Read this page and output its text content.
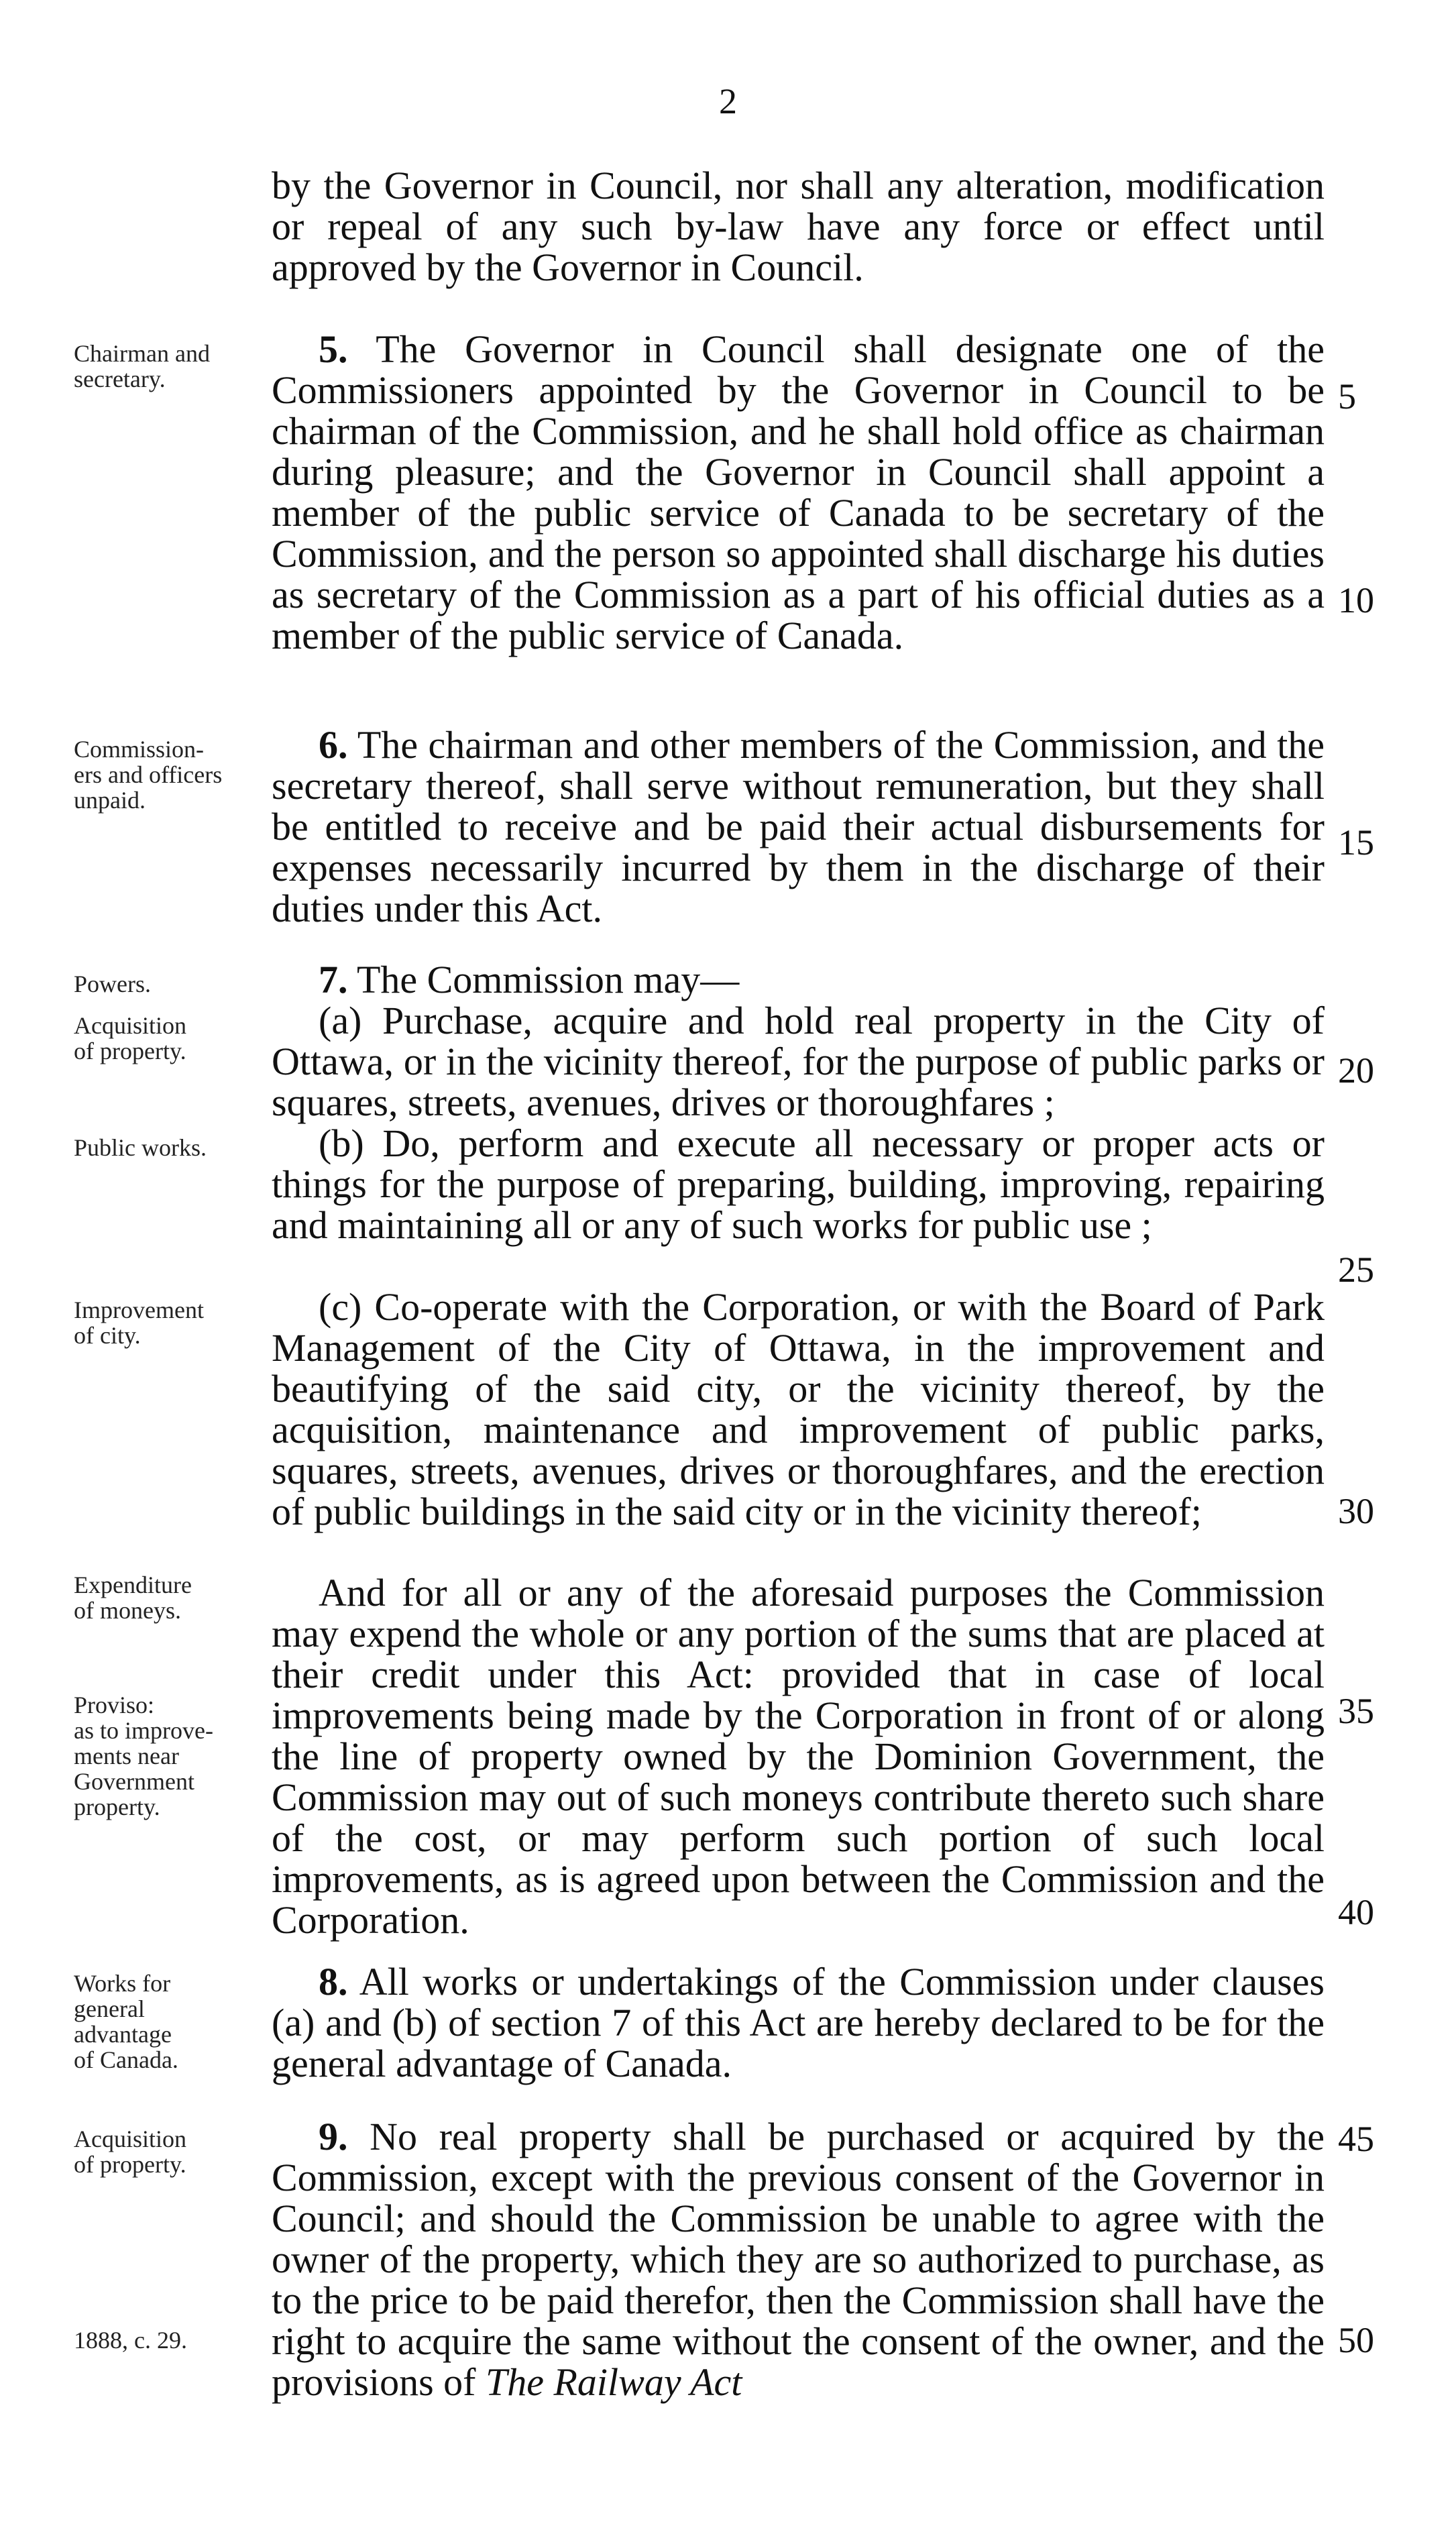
2
by the Governor in Council, nor shall any alteration, modification or repeal of any such by-law have any force or effect until approved by the Governor in Council.
Chairman and
secretary.
5. The Governor in Council shall designate one of the Commissioners appointed by the Governor in Council to be chairman of the Commission, and he shall hold office as chairman during pleasure; and the Governor in Council shall appoint a member of the public service of Canada to be secretary of the Commission, and the person so appointed shall discharge his duties as secretary of the Commission as a part of his official duties as a member of the public service of Canada.
Commission-
ers and officers
unpaid.
6. The chairman and other members of the Commission, and the secretary thereof, shall serve without remuneration, but they shall be entitled to receive and be paid their actual disbursements for expenses necessarily incurred by them in the discharge of their duties under this Act.
Powers.	7. The Commission may—
Acquisition
of property.
(a) Purchase, acquire and hold real property in the City of Ottawa, or in the vicinity thereof, for the purpose of public parks or squares, streets, avenues, drives or thoroughfares ;
Public works.	(b) Do, perform and execute all necessary or proper acts or things for the purpose of preparing, building, improving, repairing and maintaining all or any of such works for public use ;
Improvement
of city.
(c) Co-operate with the Corporation, or with the Board of Park Management of the City of Ottawa, in the improvement and beautifying of the said city, or the vicinity thereof, by the acquisition, maintenance and improvement of public parks, squares, streets, avenues, drives or thoroughfares, and the erection of public buildings in the said city or in the vicinity thereof;
Expenditure
of moneys.
Proviso:
as to improve-
ments near
Government
property.
And for all or any of the aforesaid purposes the Commission may expend the whole or any portion of the sums that are placed at their credit under this Act: provided that in case of local improvements being made by the Corporation in front of or along the line of property owned by the Dominion Government, the Commission may out of such moneys contribute thereto such share of the cost, or may perform such portion of such local improvements, as is agreed upon between the Commission and the Corporation.
Works for
general
advantage
of Canada.
8. All works or undertakings of the Commission under clauses (a) and (b) of section 7 of this Act are hereby declared to be for the general advantage of Canada.
Acquisition
of property.
1888, c. 29.
9. No real property shall be purchased or acquired by the Commission, except with the previous consent of the Governor in Council; and should the Commission be unable to agree with the owner of the property, which they are so authorized to purchase, as to the price to be paid therefor, then the Commission shall have the right to acquire the same without the consent of the owner, and the provisions of The Railway Act
5
10
15
20
25
30
35
40
45
50
